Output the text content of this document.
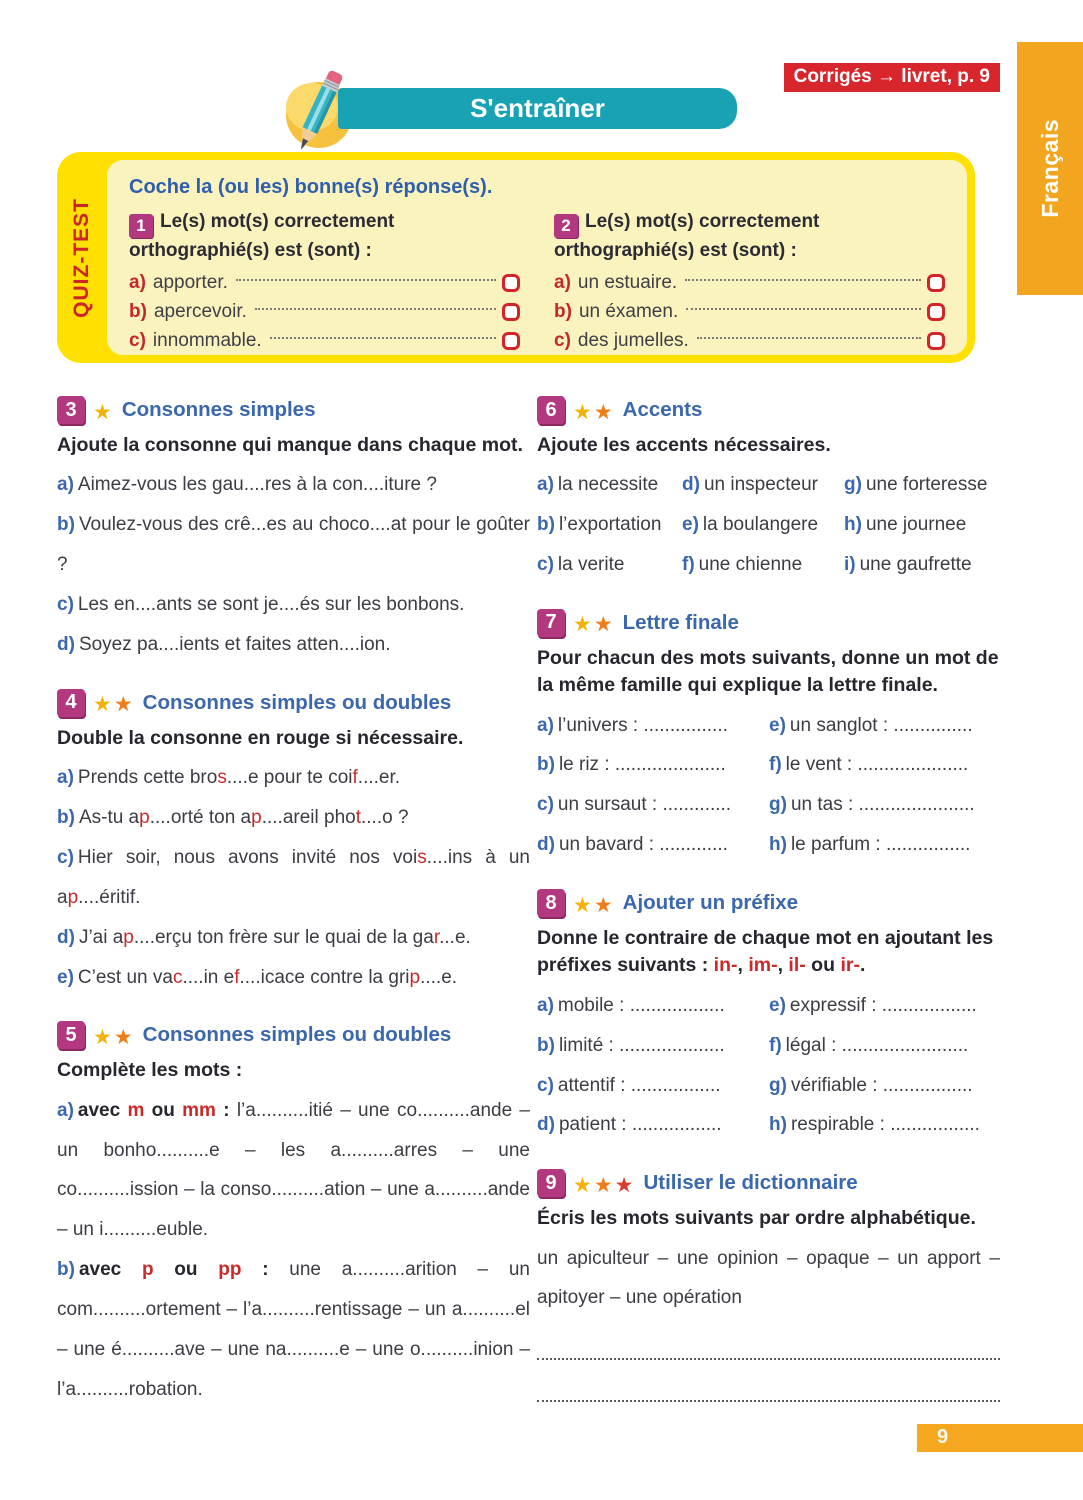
S'entraîner
Corrigés → livret, p. 9
Français
QUIZ-TEST
Coche la (ou les) bonne(s) réponse(s).

1 Le(s) mot(s) correctement orthographié(s) est (sont) :

a) apporter.
b) apercevoir.
c) innommable.

2 Le(s) mot(s) correctement orthographié(s) est (sont) :

a) un estuaire.
b) un éxamen.
c) des jumelles.
3 ★ Consonnes simples

Ajoute la consonne qui manque dans chaque mot.

a) Aimez-vous les gau....res à la con....iture ?

b) Voulez-vous des crê...es au choco....at pour le goûter ?

c) Les en....ants se sont je....és sur les bonbons.

d) Soyez pa....ients et faites atten....ion.

4 ★★ Consonnes simples ou doubles

Double la consonne en rouge si nécessaire.

a) Prends cette bros....e pour te coif....er.

b) As-tu ap....orté ton ap....areil phot....o ?

c) Hier soir, nous avons invité nos vois....ins à un ap....éritif.

d) J’ai ap....erçu ton frère sur le quai de la gar...e.

e) C’est un vac....in ef....icace contre la grip....e.

5 ★★ Consonnes simples ou doubles

Complète les mots :

a) avec m ou mm : l’a..........itié – une co..........ande – un bonho..........e – les a..........arres – une co..........ission – la conso..........ation – une a..........ande – un i..........euble.

b) avec p ou pp : une a..........arition – un com..........ortement – l’a..........rentissage – un a..........el – une é..........ave – une na..........e – une o..........inion – l’a..........robation.

6 ★★ Accents

Ajoute les accents nécessaires.

a) la necessite	d) un inspecteur	g) une forteresse

b) l’exportation	e) la boulangere	h) une journee

c) la verite	f) une chienne	i) une gaufrette

7 ★★ Lettre finale

Pour chacun des mots suivants, donne un mot de la même famille qui explique la lettre finale.

a) l’univers : ................	e) un sanglot : ...............

b) le riz : .....................	f) le vent : .....................

c) un sursaut : .............	g) un tas : ......................

d) un bavard : .............	h) le parfum : ................

8 ★★ Ajouter un préfixe

Donne le contraire de chaque mot en ajoutant les préfixes suivants : in-, im-, il- ou ir-.

a) mobile : ..................	e) expressif : ..................

b) limité : ....................	f) légal : ........................

c) attentif : .................	g) vérifiable : .................

d) patient : .................	h) respirable : .................

9 ★★★ Utiliser le dictionnaire

Écris les mots suivants par ordre alphabétique.

un apiculteur – une opinion – opaque – un apport – apitoyer – une opération

9
